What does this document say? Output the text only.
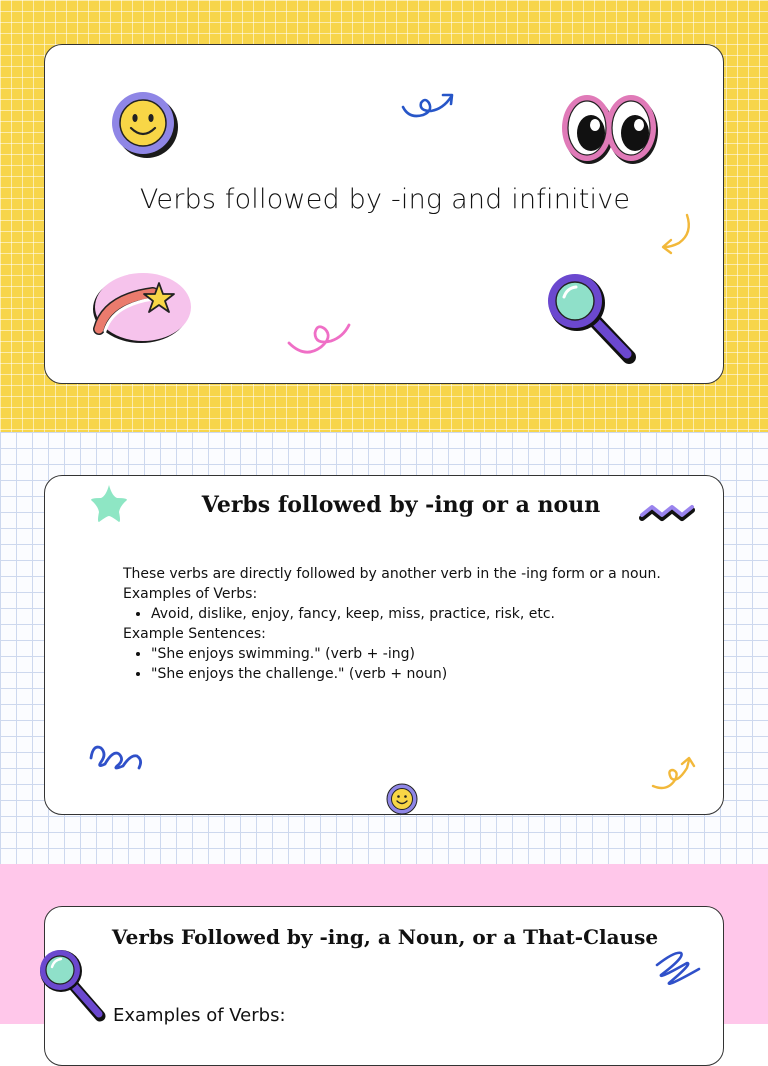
Verbs followed by -ing and infinitive
Verbs followed by -ing or a noun

These verbs are directly followed by another verb in the -ing form or a noun.

Examples of Verbs:

• Avoid, dislike, enjoy, fancy, keep, miss, practice, risk, etc.

Example Sentences:

• "She enjoys swimming." (verb + -ing)
• "She enjoys the challenge." (verb + noun)
Verbs Followed by -ing, a Noun, or a That-Clause
Examples of Verbs:
